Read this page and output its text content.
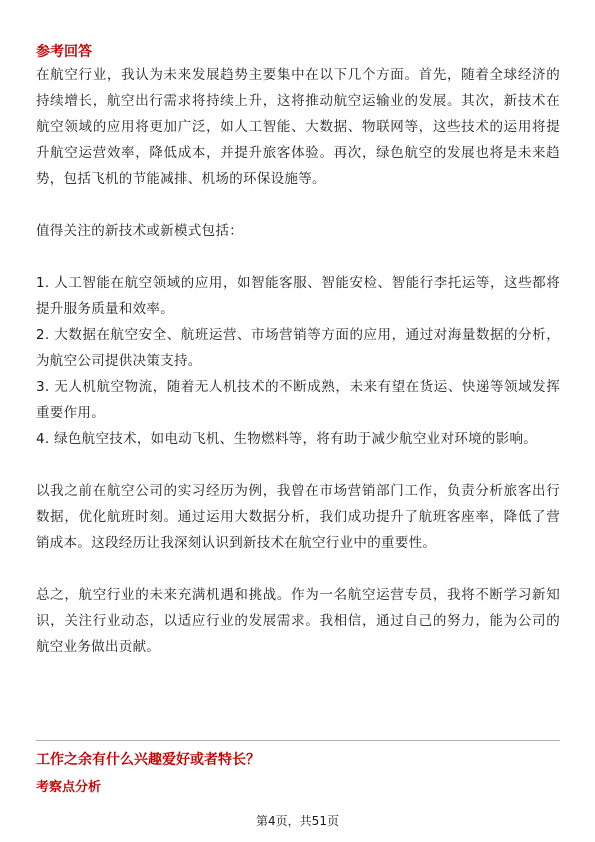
参考回答

在航空行业，我认为未来发展趋势主要集中在以下几个方面。首先，随着全球经济的持续增长，航空出行需求将持续上升，这将推动航空运输业的发展。其次，新技术在航空领域的应用将更加广泛，如人工智能、大数据、物联网等，这些技术的运用将提升航空运营效率，降低成本，并提升旅客体验。再次，绿色航空的发展也将是未来趋势，包括飞机的节能减排、机场的环保设施等。

值得关注的新技术或新模式包括：

1. 人工智能在航空领域的应用，如智能客服、智能安检、智能行李托运等，这些都将提升服务质量和效率。

2. 大数据在航空安全、航班运营、市场营销等方面的应用，通过对海量数据的分析，为航空公司提供决策支持。

3. 无人机航空物流，随着无人机技术的不断成熟，未来有望在货运、快递等领域发挥重要作用。

4. 绿色航空技术，如电动飞机、生物燃料等，将有助于减少航空业对环境的影响。

以我之前在航空公司的实习经历为例，我曾在市场营销部门工作，负责分析旅客出行数据，优化航班时刻。通过运用大数据分析，我们成功提升了航班客座率，降低了营销成本。这段经历让我深刻认识到新技术在航空行业中的重要性。

总之，航空行业的未来充满机遇和挑战。作为一名航空运营专员，我将不断学习新知识，关注行业动态，以适应行业的发展需求。我相信，通过自己的努力，能为公司的航空业务做出贡献。

工作之余有什么兴趣爱好或者特长？

考察点分析

第4页，共51页
